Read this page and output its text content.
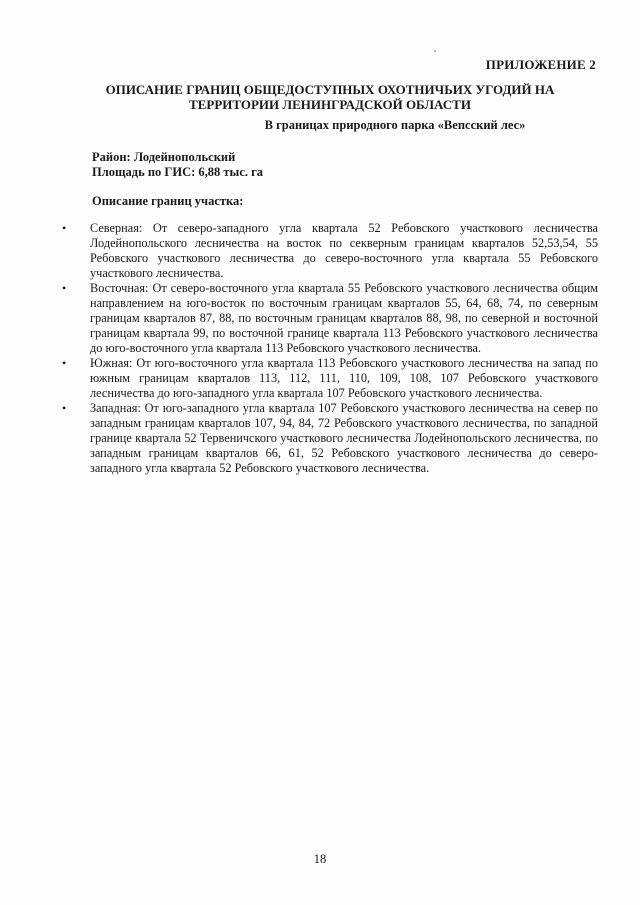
ПРИЛОЖЕНИЕ 2
ОПИСАНИЕ ГРАНИЦ ОБЩЕДОСТУПНЫХ ОХОТНИЧЬИХ УГОДИЙ НА
ТЕРРИТОРИИ ЛЕНИНГРАДСКОЙ ОБЛАСТИ
В границах природного парка «Вепсский лес»
Район: Лодейнопольский
Площадь по ГИС: 6,88 тыс. га
Описание границ участка:
• Северная: От северо-западного угла квартала 52 Ребовского участкового лесничества Лодейнопольского лесничества на восток по секверным границам кварталов 52,53,54, 55 Ребовского участкового лесничества до северо-восточного угла квартала 55 Ребовского участкового лесничества.
• Восточная: От северо-восточного угла квартала 55 Ребовского участкового лесничества общим направлением на юго-восток по восточным границам кварталов 55, 64, 68, 74, по северным границам кварталов 87, 88, по восточным границам кварталов 88, 98, по северной и восточной границам квартала 99, по восточной границе квартала 113 Ребовского участкового лесничества до юго-восточного угла квартала 113 Ребовского участкового лесничества.
• Южная: От юго-восточного угла квартала 113 Ребовского участкового лесничества на запад по южным границам кварталов 113, 112, 111, 110, 109, 108, 107 Ребовского участкового лесничества до юго-западного угла квартала 107 Ребовского участкового лесничества.
• Западная: От юго-западного угла квартала 107 Ребовского участкового лесничества на север по западным границам кварталов 107, 94, 84, 72 Ребовского участкового лесничества, по западной границе квартала 52 Тервеничского участкового лесничества Лодейнопольского лесничества, по западным границам кварталов 66, 61, 52 Ребовского участкового лесничества до северо-западного угла квартала 52 Ребовского участкового лесничества.
18
